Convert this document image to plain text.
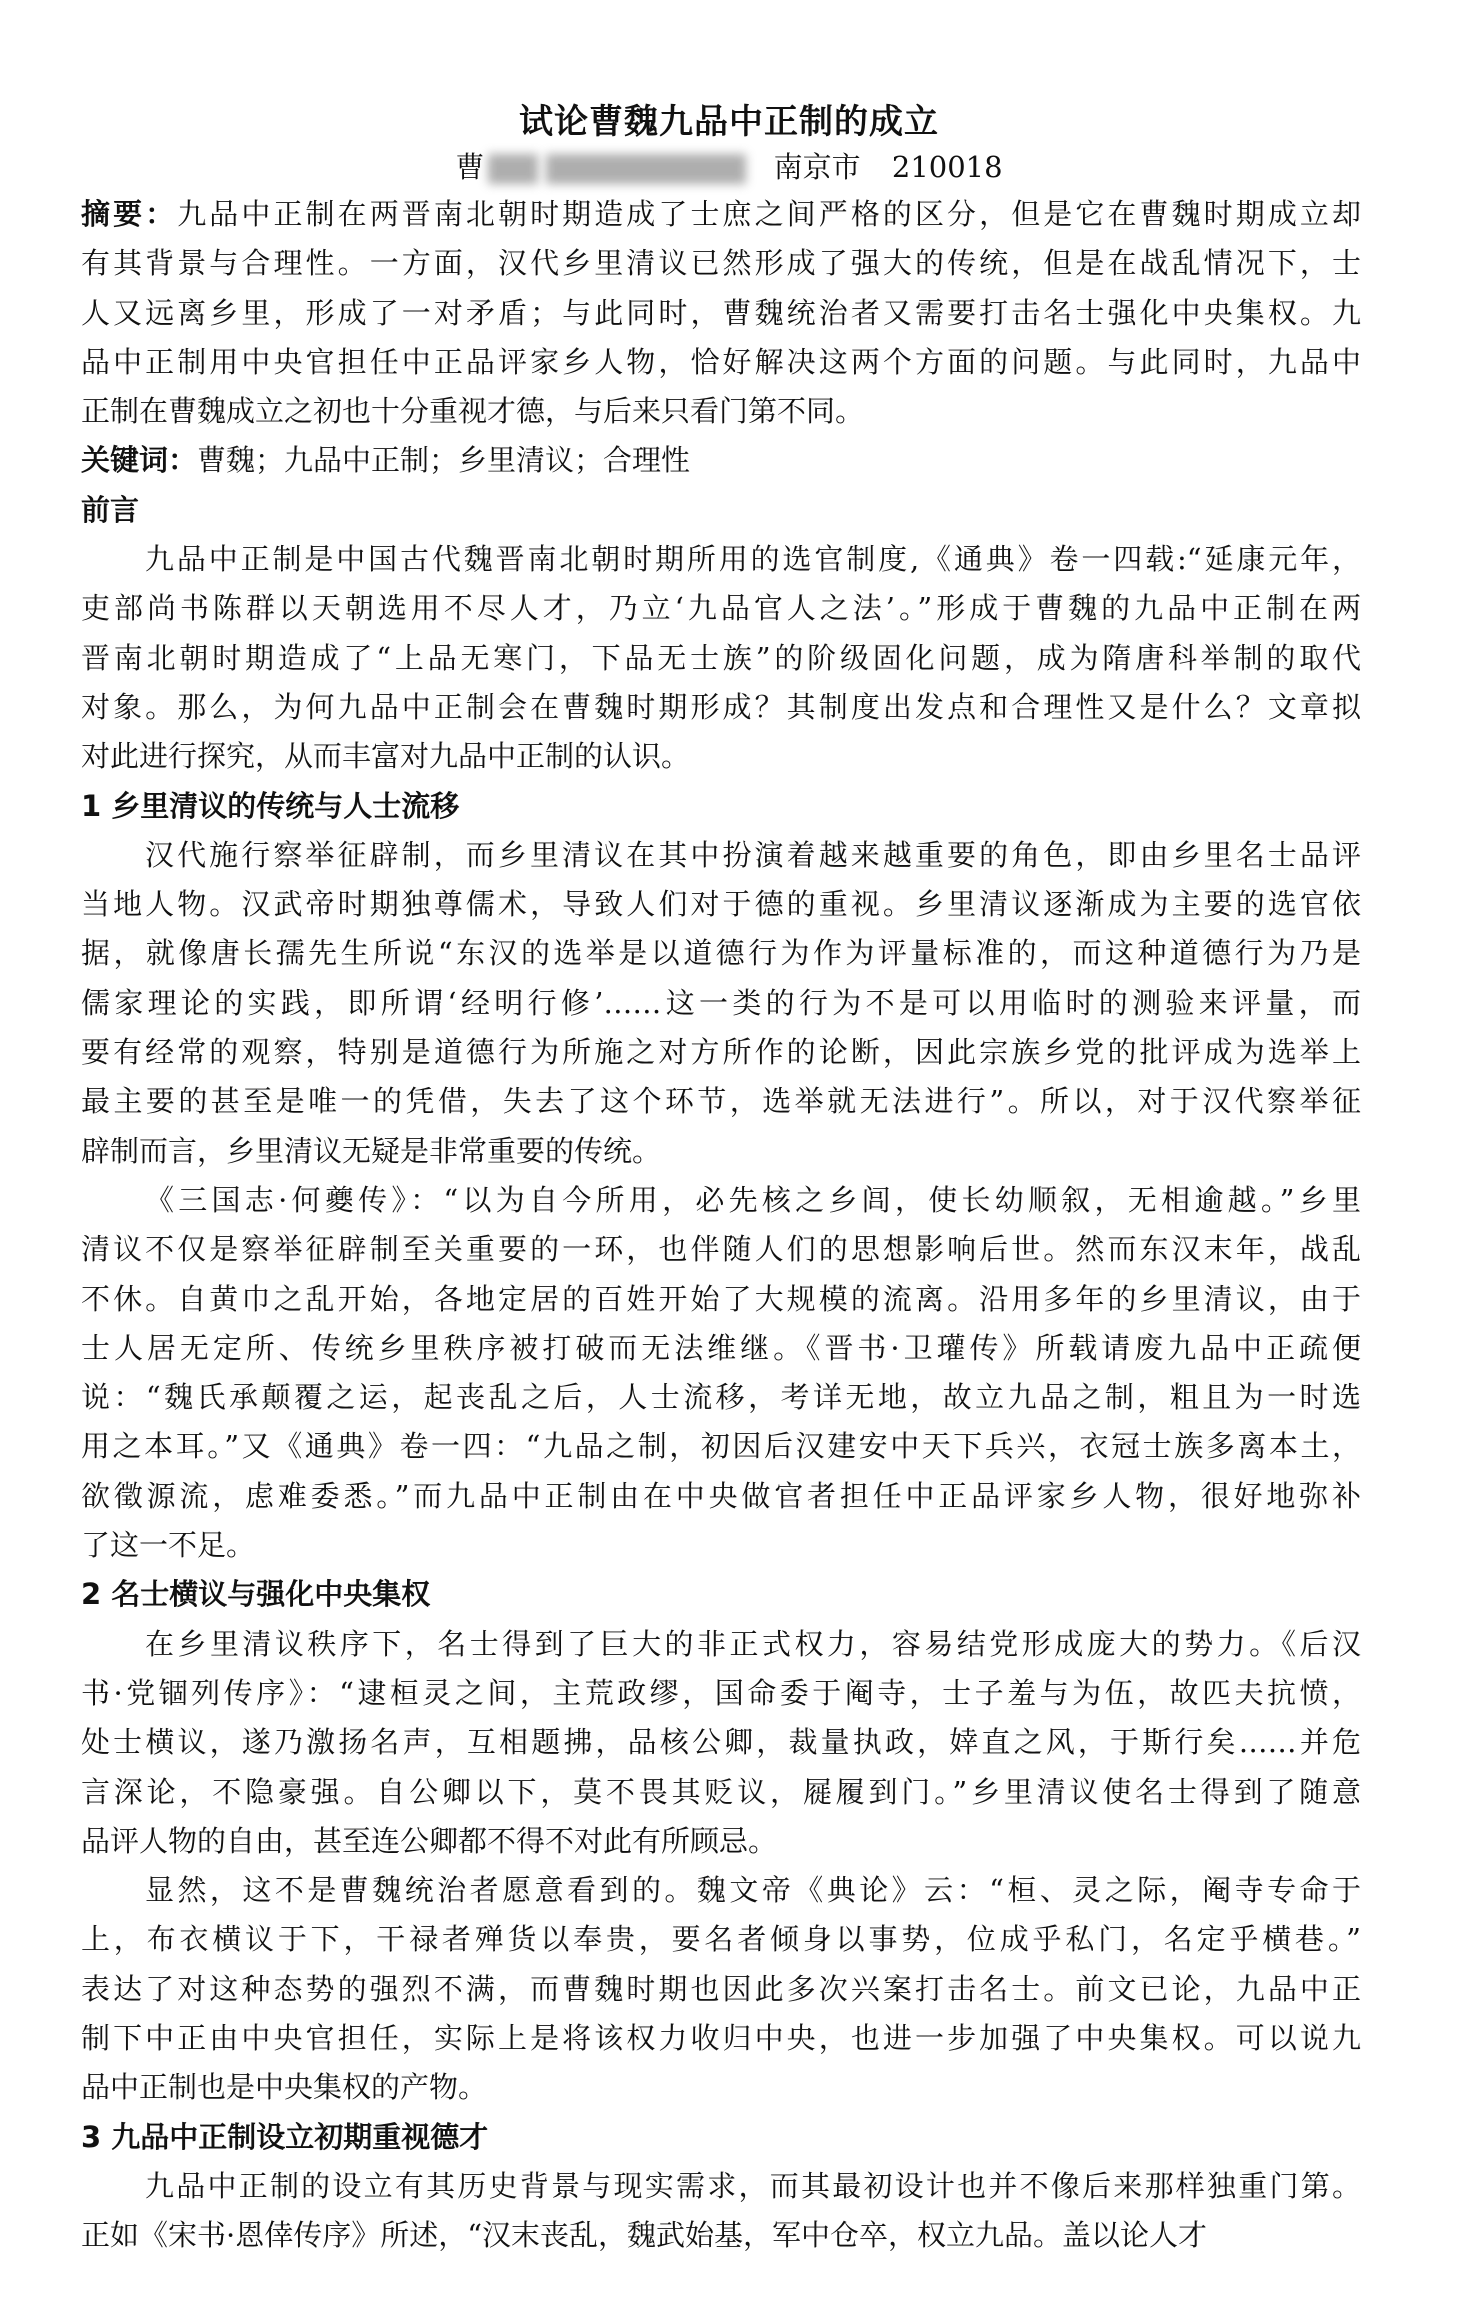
试论曹魏九品中正制的成立
曹	南京市 210018
摘要：九品中正制在两晋南北朝时期造成了士庶之间严格的区分，但是它在曹魏时期成立却
有其背景与合理性。一方面，汉代乡里清议已然形成了强大的传统，但是在战乱情况下，士
人又远离乡里，形成了一对矛盾；与此同时，曹魏统治者又需要打击名士强化中央集权。九
品中正制用中央官担任中正品评家乡人物，恰好解决这两个方面的问题。与此同时，九品中
正制在曹魏成立之初也十分重视才德，与后来只看门第不同。
关键词：曹魏；九品中正制；乡里清议；合理性
前言
九品中正制是中国古代魏晋南北朝时期所用的选官制度,《通典》卷一四载:“延康元年，
吏部尚书陈群以天朝选用不尽人才，乃立‘九品官人之法’。”形成于曹魏的九品中正制在两
晋南北朝时期造成了“上品无寒门，下品无士族”的阶级固化问题，成为隋唐科举制的取代
对象。那么，为何九品中正制会在曹魏时期形成？其制度出发点和合理性又是什么？文章拟
对此进行探究，从而丰富对九品中正制的认识。
1 乡里清议的传统与人士流移
汉代施行察举征辟制，而乡里清议在其中扮演着越来越重要的角色，即由乡里名士品评
当地人物。汉武帝时期独尊儒术，导致人们对于德的重视。乡里清议逐渐成为主要的选官依
据，就像唐长孺先生所说“东汉的选举是以道德行为作为评量标准的，而这种道德行为乃是
儒家理论的实践，即所谓‘经明行修’……这一类的行为不是可以用临时的测验来评量，而
要有经常的观察，特别是道德行为所施之对方所作的论断，因此宗族乡党的批评成为选举上
最主要的甚至是唯一的凭借，失去了这个环节，选举就无法进行”。所以，对于汉代察举征
辟制而言，乡里清议无疑是非常重要的传统。
《三国志·何夔传》：“以为自今所用，必先核之乡闾，使长幼顺叙，无相逾越。”乡里
清议不仅是察举征辟制至关重要的一环，也伴随人们的思想影响后世。然而东汉末年，战乱
不休。自黄巾之乱开始，各地定居的百姓开始了大规模的流离。沿用多年的乡里清议，由于
士人居无定所、传统乡里秩序被打破而无法维继。《晋书·卫瓘传》所载请废九品中正疏便
说：“魏氏承颠覆之运，起丧乱之后，人士流移，考详无地，故立九品之制，粗且为一时选
用之本耳。”又《通典》卷一四：“九品之制，初因后汉建安中天下兵兴，衣冠士族多离本土，
欲徵源流，虑难委悉。”而九品中正制由在中央做官者担任中正品评家乡人物，很好地弥补
了这一不足。
2 名士横议与强化中央集权
在乡里清议秩序下，名士得到了巨大的非正式权力，容易结党形成庞大的势力。《后汉
书·党锢列传序》：“逮桓灵之间，主荒政缪，国命委于阉寺，士子羞与为伍，故匹夫抗愤，
处士横议，遂乃激扬名声，互相题拂，品核公卿，裁量执政，婞直之风，于斯行矣……并危
言深论，不隐豪强。自公卿以下，莫不畏其贬议，屣履到门。”乡里清议使名士得到了随意
品评人物的自由，甚至连公卿都不得不对此有所顾忌。
显然，这不是曹魏统治者愿意看到的。魏文帝《典论》云：“桓、灵之际，阉寺专命于
上，布衣横议于下，干禄者殚货以奉贵，要名者倾身以事势，位成乎私门，名定乎横巷。”
表达了对这种态势的强烈不满，而曹魏时期也因此多次兴案打击名士。前文已论，九品中正
制下中正由中央官担任，实际上是将该权力收归中央，也进一步加强了中央集权。可以说九
品中正制也是中央集权的产物。
3 九品中正制设立初期重视德才
九品中正制的设立有其历史背景与现实需求，而其最初设计也并不像后来那样独重门第。
正如《宋书·恩倖传序》所述，“汉末丧乱，魏武始基，军中仓卒，权立九品。盖以论人才
